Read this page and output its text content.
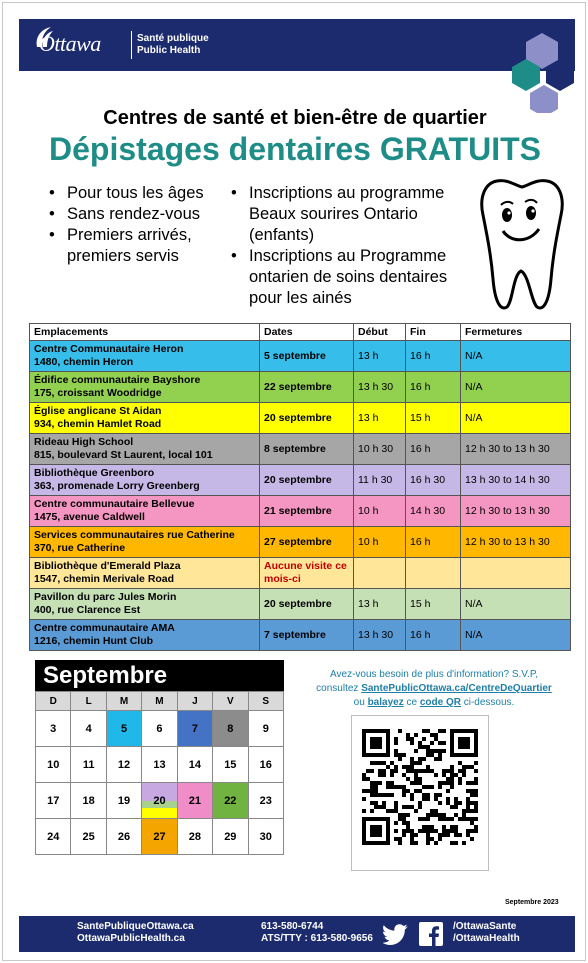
Ottawa	Santé publique
Public Health
Centres de santé et bien-être de quartier
Dépistages dentaires GRATUITS
• Pour tous les âges
• Sans rendez-vous
• Premiers arrivés, premiers servis
• Inscriptions au programme Beaux sourires Ontario (enfants)
• Inscriptions au Programme ontarien de soins dentaires pour les ainés
Emplacements	Dates	Début	Fin	Fermetures

Centre Communautaire Heron
1480, chemin Heron	5 septembre	13 h	16 h	N/A

Édifice communautaire Bayshore
175, croissant Woodridge	22 septembre	13 h 30	16 h	N/A

Église anglicane St Aidan
934, chemin Hamlet Road	20 septembre	13 h	15 h	N/A

Rideau High School
815, boulevard St Laurent, local 101	8 septembre	10 h 30	16 h	12 h 30 to 13 h 30

Bibliothèque Greenboro
363, promenade Lorry Greenberg	20 septembre	11 h 30	16 h 30	13 h 30 to 14 h 30

Centre communautaire Bellevue
1475, avenue Caldwell	21 septembre	10 h	14 h 30	12 h 30 to 13 h 30

Services communautaires rue Catherine
370, rue Catherine	27 septembre	10 h	16 h	12 h 30 to 13 h 30

Bibliothèque d'Emerald Plaza
1547, chemin Merivale Road	Aucune visite ce mois-ci			

Pavillon du parc Jules Morin
400, rue Clarence Est	20 septembre	13 h	15 h	N/A

Centre communautaire AMA
1216, chemin Hunt Club	7 septembre	13 h 30	16 h	N/A
Septembre
D	L	M	M	J	V	S
3	4	5	6	7	8	9
10	11	12	13	14	15	16
17	18	19	20	21	22	23
24	25	26	27	28	29	30
Avez-vous besoin de plus d'information? S.V.P,
consultez SantePublicOttawa.ca/CentreDeQuartier
ou balayez ce code QR ci-dessous.
Septembre 2023
SantePubliqueOttawa.ca
OttawaPublicHealth.ca
613-580-6744
ATS/TTY : 613-580-9656
/OttawaSante
/OttawaHealth
